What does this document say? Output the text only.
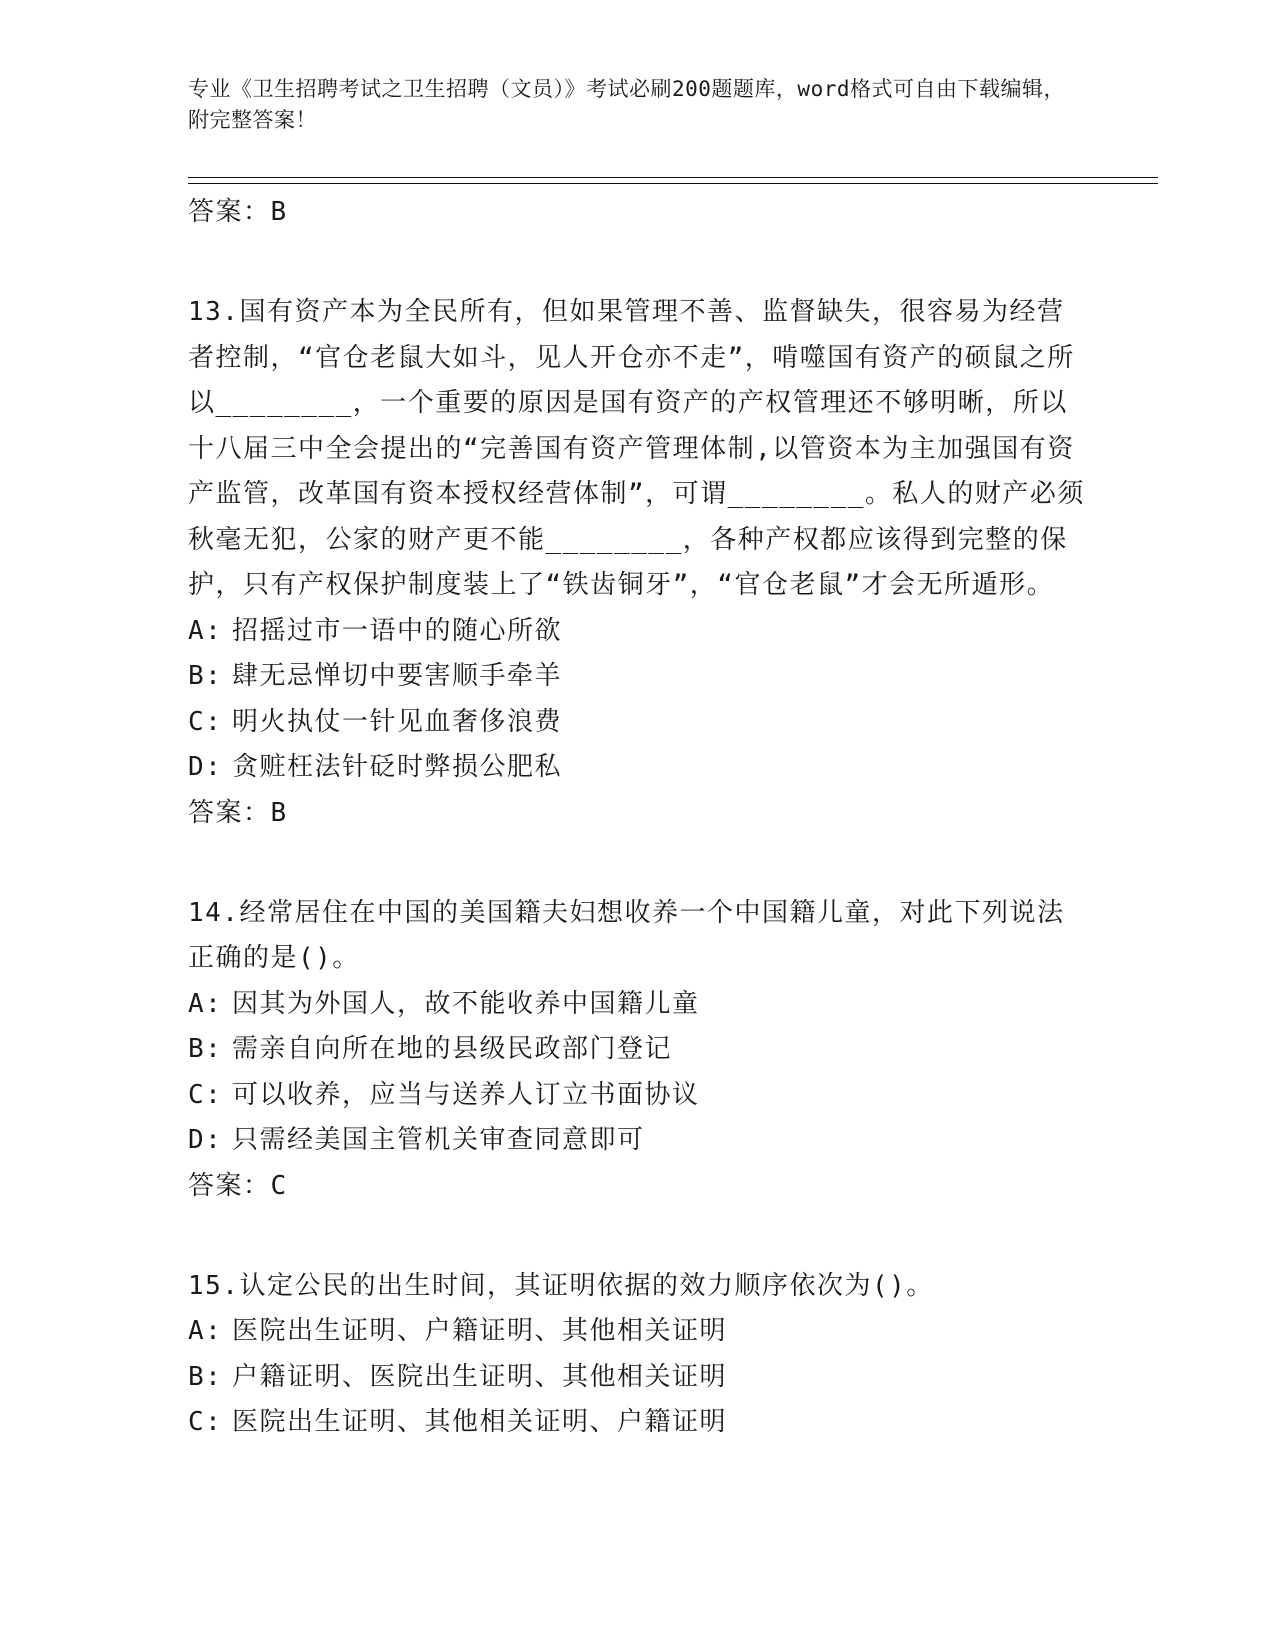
专业《卫生招聘考试之卫生招聘（文员）》考试必刷200题题库，word格式可自由下载编辑，附完整答案！
答案：B
13.国有资产本为全民所有，但如果管理不善、监督缺失，很容易为经营者控制，“官仓老鼠大如斗，见人开仓亦不走”，啃噬国有资产的硕鼠之所以________，一个重要的原因是国有资产的产权管理还不够明晰，所以十八届三中全会提出的“完善国有资产管理体制,以管资本为主加强国有资产监管，改革国有资本授权经营体制”，可谓________。私人的财产必须秋毫无犯，公家的财产更不能________，各种产权都应该得到完整的保护，只有产权保护制度装上了“铁齿铜牙”，“官仓老鼠”才会无所遁形。
A: 招摇过市一语中的随心所欲
B: 肆无忌惮切中要害顺手牵羊
C: 明火执仗一针见血奢侈浪费
D: 贪赃枉法针砭时弊损公肥私
答案：B
14.经常居住在中国的美国籍夫妇想收养一个中国籍儿童，对此下列说法正确的是()。
A: 因其为外国人，故不能收养中国籍儿童
B: 需亲自向所在地的县级民政部门登记
C: 可以收养，应当与送养人订立书面协议
D: 只需经美国主管机关审查同意即可
答案：C
15.认定公民的出生时间，其证明依据的效力顺序依次为()。
A: 医院出生证明、户籍证明、其他相关证明
B: 户籍证明、医院出生证明、其他相关证明
C: 医院出生证明、其他相关证明、户籍证明
